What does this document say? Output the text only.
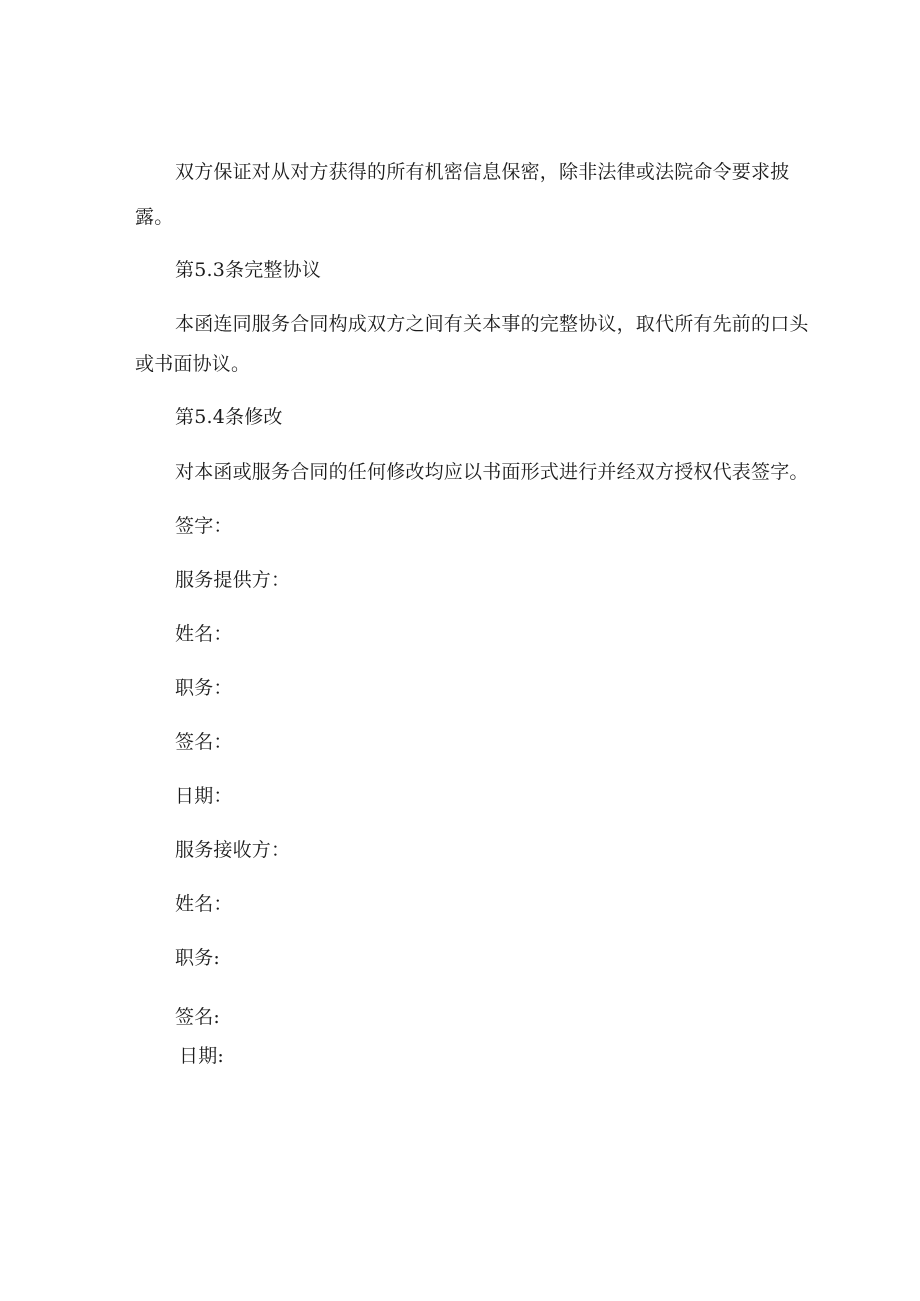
双方保证对从对方获得的所有机密信息保密，除非法律或法院命令要求披
露。
第5.3条完整协议
本函连同服务合同构成双方之间有关本事的完整协议，取代所有先前的口头
或书面协议。
第5.4条修改
对本函或服务合同的任何修改均应以书面形式进行并经双方授权代表签字。
签字：
服务提供方：
姓名：
职务：
签名：
日期：
服务接收方：
姓名：
职务:
签名:
日期:
